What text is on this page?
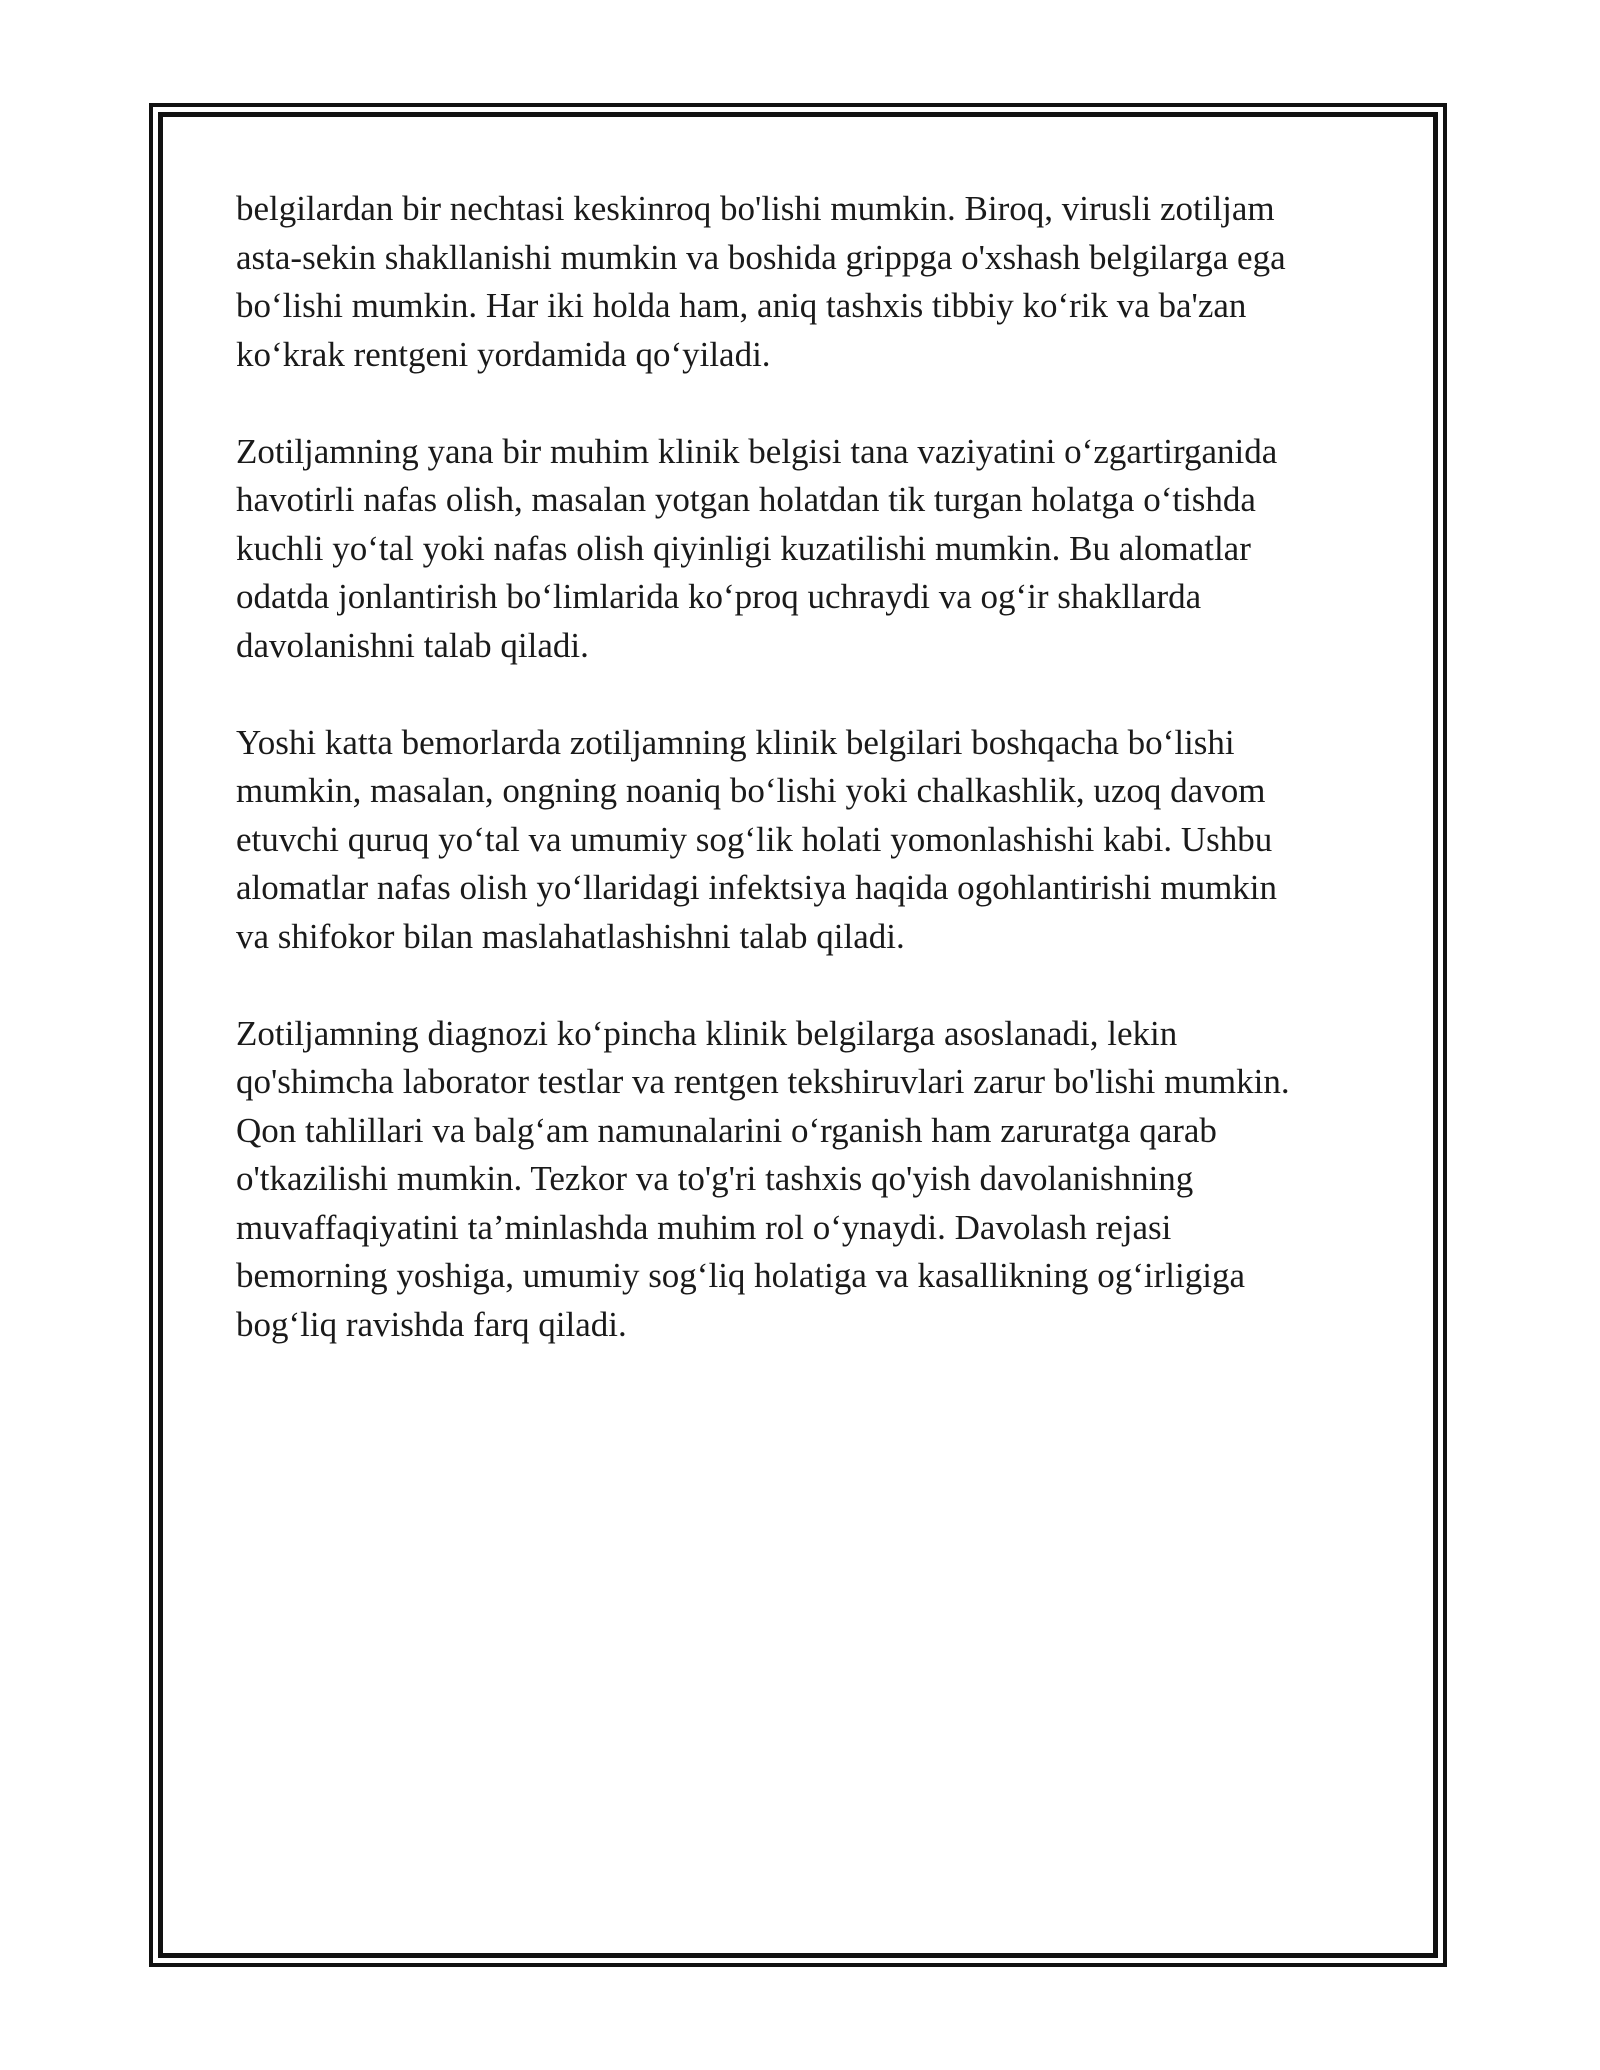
belgilardan bir nechtasi keskinroq bo'lishi mumkin. Biroq, virusli zotiljam
asta-sekin shakllanishi mumkin va boshida grippga o'xshash belgilarga ega
bo‘lishi mumkin. Har iki holda ham, aniq tashxis tibbiy ko‘rik va ba'zan
ko‘krak rentgeni yordamida qo‘yiladi.

Zotiljamning yana bir muhim klinik belgisi tana vaziyatini o‘zgartirganida
havotirli nafas olish, masalan yotgan holatdan tik turgan holatga o‘tishda
kuchli yo‘tal yoki nafas olish qiyinligi kuzatilishi mumkin. Bu alomatlar
odatda jonlantirish bo‘limlarida ko‘proq uchraydi va og‘ir shakllarda
davolanishni talab qiladi.

Yoshi katta bemorlarda zotiljamning klinik belgilari boshqacha bo‘lishi
mumkin, masalan, ongning noaniq bo‘lishi yoki chalkashlik, uzoq davom
etuvchi quruq yo‘tal va umumiy sog‘lik holati yomonlashishi kabi. Ushbu
alomatlar nafas olish yo‘llaridagi infektsiya haqida ogohlantirishi mumkin
va shifokor bilan maslahatlashishni talab qiladi.

Zotiljamning diagnozi ko‘pincha klinik belgilarga asoslanadi, lekin
qo'shimcha laborator testlar va rentgen tekshiruvlari zarur bo'lishi mumkin.
Qon tahlillari va balg‘am namunalarini o‘rganish ham zaruratga qarab
o'tkazilishi mumkin. Tezkor va to'g'ri tashxis qo'yish davolanishning
muvaffaqiyatini ta’minlashda muhim rol o‘ynaydi. Davolash rejasi
bemorning yoshiga, umumiy sog‘liq holatiga va kasallikning og‘irligiga
bog‘liq ravishda farq qiladi.
